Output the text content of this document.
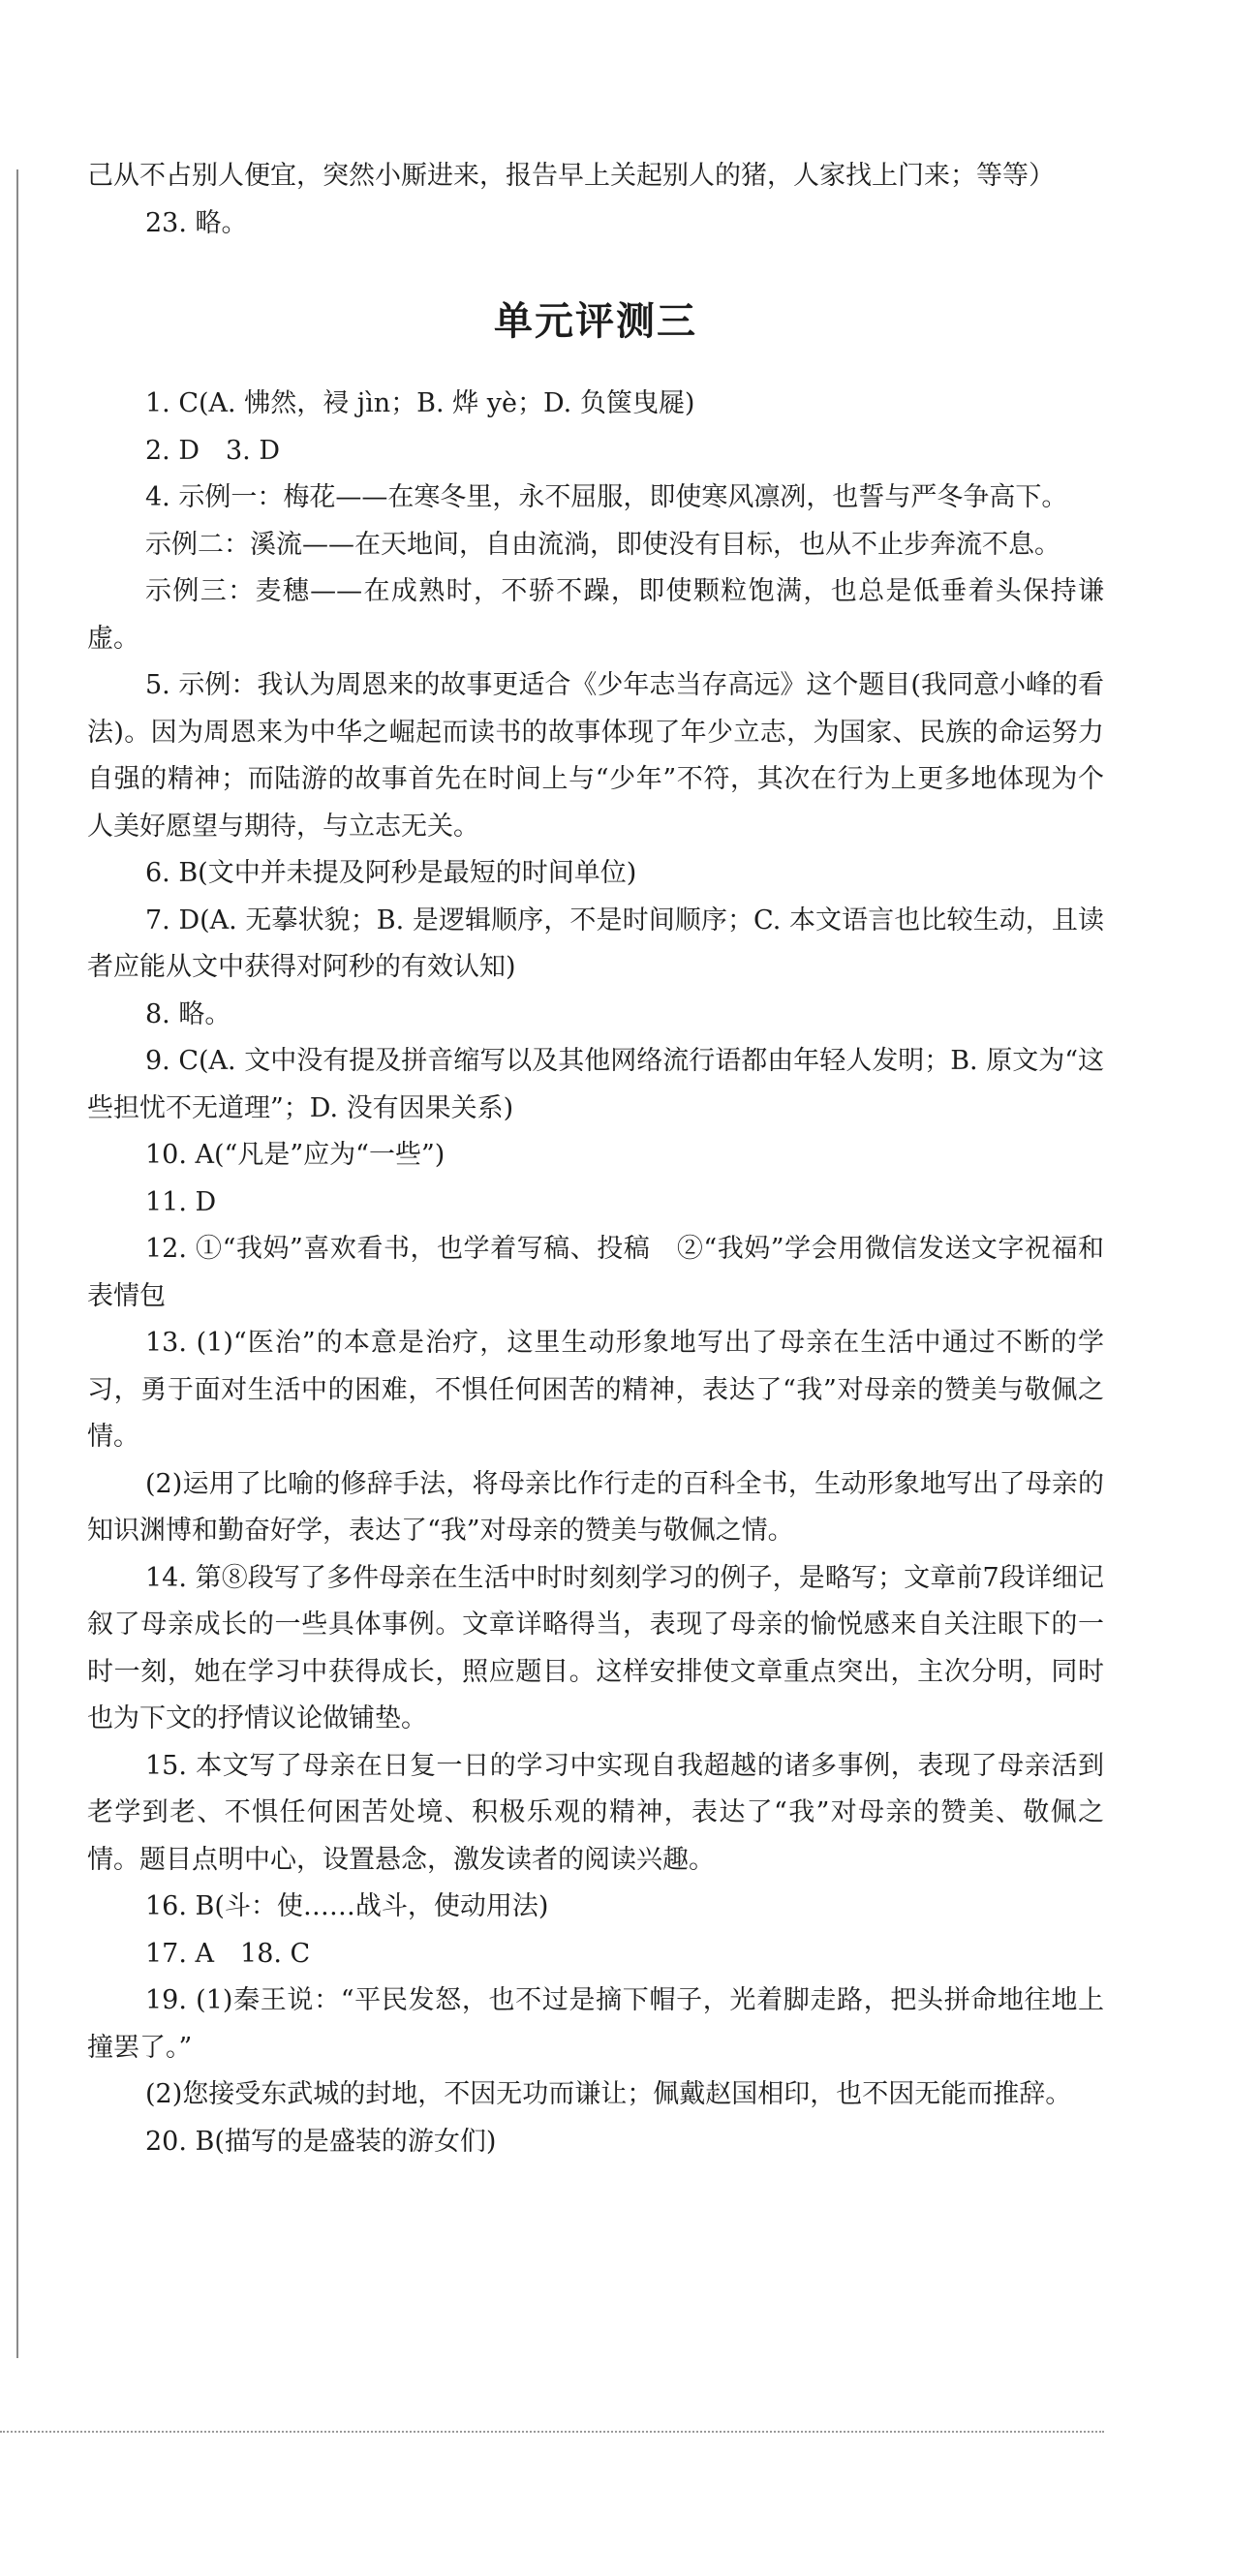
己从不占别人便宜，突然小厮进来，报告早上关起别人的猪，人家找上门来；等等）

23. 略。

单元评测三

1. C(A. 怫然，祲 jìn；B. 烨 yè；D. 负箧曳屣)

2. D　3. D

4. 示例一：梅花——在寒冬里，永不屈服，即使寒风凛冽，也誓与严冬争高下。

示例二：溪流——在天地间，自由流淌，即使没有目标，也从不止步奔流不息。

示例三：麦穗——在成熟时，不骄不躁，即使颗粒饱满，也总是低垂着头保持谦虚。

5. 示例：我认为周恩来的故事更适合《少年志当存高远》这个题目(我同意小峰的看法)。因为周恩来为中华之崛起而读书的故事体现了年少立志，为国家、民族的命运努力自强的精神；而陆游的故事首先在时间上与“少年”不符，其次在行为上更多地体现为个人美好愿望与期待，与立志无关。

6. B(文中并未提及阿秒是最短的时间单位)

7. D(A. 无摹状貌；B. 是逻辑顺序，不是时间顺序；C. 本文语言也比较生动，且读者应能从文中获得对阿秒的有效认知)

8. 略。

9. C(A. 文中没有提及拼音缩写以及其他网络流行语都由年轻人发明；B. 原文为“这些担忧不无道理”；D. 没有因果关系)

10. A(“凡是”应为“一些”)

11. D

12. ①“我妈”喜欢看书，也学着写稿、投稿　②“我妈”学会用微信发送文字祝福和表情包

13. (1)“医治”的本意是治疗，这里生动形象地写出了母亲在生活中通过不断的学习，勇于面对生活中的困难，不惧任何困苦的精神，表达了“我”对母亲的赞美与敬佩之情。

(2)运用了比喻的修辞手法，将母亲比作行走的百科全书，生动形象地写出了母亲的知识渊博和勤奋好学，表达了“我”对母亲的赞美与敬佩之情。

14. 第⑧段写了多件母亲在生活中时时刻刻学习的例子，是略写；文章前7段详细记叙了母亲成长的一些具体事例。文章详略得当，表现了母亲的愉悦感来自关注眼下的一时一刻，她在学习中获得成长，照应题目。这样安排使文章重点突出，主次分明，同时也为下文的抒情议论做铺垫。

15. 本文写了母亲在日复一日的学习中实现自我超越的诸多事例，表现了母亲活到老学到老、不惧任何困苦处境、积极乐观的精神，表达了“我”对母亲的赞美、敬佩之情。题目点明中心，设置悬念，激发读者的阅读兴趣。

16. B(斗：使……战斗，使动用法)

17. A　18. C

19. (1)秦王说：“平民发怒，也不过是摘下帽子，光着脚走路，把头拼命地往地上撞罢了。”

(2)您接受东武城的封地，不因无功而谦让；佩戴赵国相印，也不因无能而推辞。

20. B(描写的是盛装的游女们)
